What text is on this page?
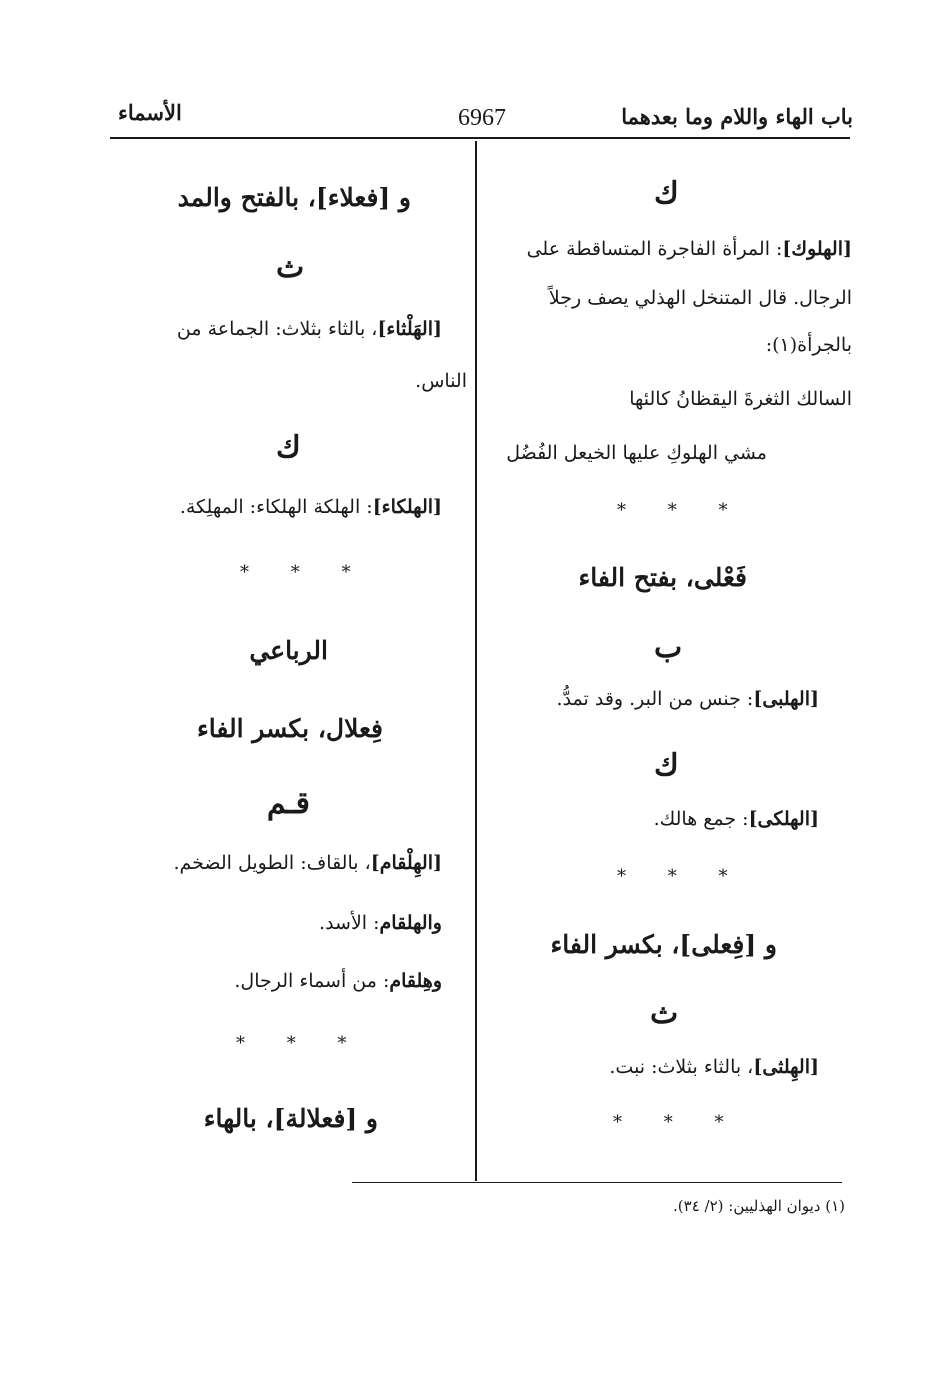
باب الهاء واللام وما بعدهما
6967
الأسماء
ك
[الهلوك]: المرأة الفاجرة المتساقطة على
الرجال. قال المتنخل الهذلي يصف رجلاً
بالجرأة(١):
السالك الثغرةَ اليقظانُ كالئها
مشي الهلوكِ عليها الخيعل الفُضُل
* * *
فَعْلى، بفتح الفاء
ب
[الهلبى]: جنس من البر. وقد تمدُّ.
ك
[الهلكى]: جمع هالك.
* * *
و [فِعلى]، بكسر الفاء
ث
[الهِلثى]، بالثاء بثلاث: نبت.
* * *
و [فعلاء]، بالفتح والمد
ث
[الهَلْثاء]، بالثاء بثلاث: الجماعة من
الناس.
ك
[الهلكاء]: الهلكة الهلكاء: المهلِكة.
* * *
الرباعي
فِعلال، بكسر الفاء
قـم
[الهِلْقام]، بالقاف: الطويل الضخم.
والهلقام: الأسد.
وهِلقام: من أسماء الرجال.
* * *
و [فعلالة]، بالهاء
(١) ديوان الهذليين: (٢/ ٣٤).
